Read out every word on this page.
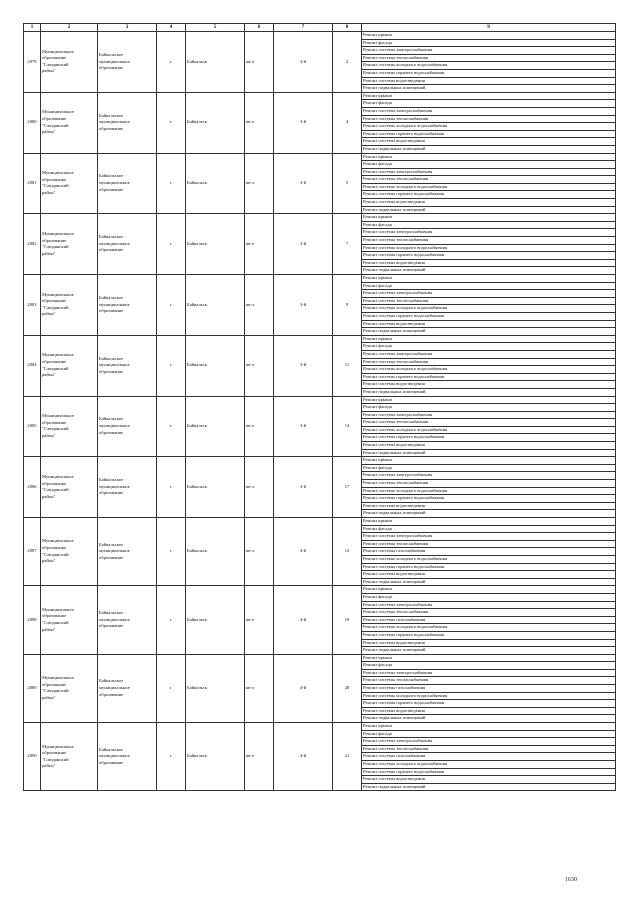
1	2	3	4	5	6	7	8	9
2079	Муниципальное
образование
"Слюдянский
район"	Байкальское
муниципальное
образование	г.	Байкальск	кв-л	3-й	2	Ремонт крыши
								Ремонт фасада
								Ремонт системы электроснабжения
								Ремонт системы теплоснабжения
								Ремонт системы холодного водоснабжения
								Ремонт системы горячего водоснабжения
								Ремонт системы водоотведения
								Ремонт подвальных помещений
2080	Муниципальное
образование
"Слюдянский
район"	Байкальское
муниципальное
образование	г.	Байкальск	кв-л	3-й	4	Ремонт крыши
								Ремонт фасада
								Ремонт системы электроснабжения
								Ремонт системы теплоснабжения
								Ремонт системы холодного водоснабжения
								Ремонт системы горячего водоснабжения
								Ремонт системы водоотведения
								Ремонт подвальных помещений
2081	Муниципальное
образование
"Слюдянский
район"	Байкальское
муниципальное
образование	г.	Байкальск	кв-л	3-й	5	Ремонт крыши
								Ремонт фасада
								Ремонт системы электроснабжения
								Ремонт системы теплоснабжения
								Ремонт системы холодного водоснабжения
								Ремонт системы горячего водоснабжения
								Ремонт системы водоотведения
								Ремонт подвальных помещений
2082	Муниципальное
образование
"Слюдянский
район"	Байкальское
муниципальное
образование	г.	Байкальск	кв-л	3-й	7	Ремонт крыши
								Ремонт фасада
								Ремонт системы электроснабжения
								Ремонт системы теплоснабжения
								Ремонт системы холодного водоснабжения
								Ремонт системы горячего водоснабжения
								Ремонт системы водоотведения
								Ремонт подвальных помещений
2083	Муниципальное
образование
"Слюдянский
район"	Байкальское
муниципальное
образование	г.	Байкальск	кв-л	3-й	9	Ремонт крыши
								Ремонт фасада
								Ремонт системы электроснабжения
								Ремонт системы теплоснабжения
								Ремонт системы холодного водоснабжения
								Ремонт системы горячего водоснабжения
								Ремонт системы водоотведения
								Ремонт подвальных помещений
2084	Муниципальное
образование
"Слюдянский
район"	Байкальское
муниципальное
образование	г.	Байкальск	кв-л	3-й	11	Ремонт крыши
								Ремонт фасада
								Ремонт системы электроснабжения
								Ремонт системы теплоснабжения
								Ремонт системы холодного водоснабжения
								Ремонт системы горячего водоснабжения
								Ремонт системы водоотведения
								Ремонт подвальных помещений
2085	Муниципальное
образование
"Слюдянский
район"	Байкальское
муниципальное
образование	г.	Байкальск	кв-л	3-й	14	Ремонт крыши
								Ремонт фасада
								Ремонт системы электроснабжения
								Ремонт системы теплоснабжения
								Ремонт системы холодного водоснабжения
								Ремонт системы горячего водоснабжения
								Ремонт системы водоотведения
								Ремонт подвальных помещений
2086	Муниципальное
образование
"Слюдянский
район"	Байкальское
муниципальное
образование	г.	Байкальск	кв-л	3-й	17	Ремонт крыши
								Ремонт фасада
								Ремонт системы электроснабжения
								Ремонт системы теплоснабжения
								Ремонт системы холодного водоснабжения
								Ремонт системы горячего водоснабжения
								Ремонт системы водоотведения
								Ремонт подвальных помещений
2087	Муниципальное
образование
"Слюдянский
район"	Байкальское
муниципальное
образование	г.	Байкальск	кв-л	4-й	12	Ремонт крыши
								Ремонт фасада
								Ремонт системы электроснабжения
								Ремонт системы теплоснабжения
								Ремонт системы газоснабжения
								Ремонт системы холодного водоснабжения
								Ремонт системы горячего водоснабжения
								Ремонт системы водоотведения
								Ремонт подвальных помещений
2088	Муниципальное
образование
"Слюдянский
район"	Байкальское
муниципальное
образование	г.	Байкальск	кв-л	4-й	19	Ремонт крыши
								Ремонт фасада
								Ремонт системы электроснабжения
								Ремонт системы теплоснабжения
								Ремонт системы газоснабжения
								Ремонт системы холодного водоснабжения
								Ремонт системы горячего водоснабжения
								Ремонт системы водоотведения
								Ремонт подвальных помещений
2089	Муниципальное
образование
"Слюдянский
район"	Байкальское
муниципальное
образование	г.	Байкальск	кв-л	4-й	20	Ремонт крыши
								Ремонт фасада
								Ремонт системы электроснабжения
								Ремонт системы теплоснабжения
								Ремонт системы газоснабжения
								Ремонт системы холодного водоснабжения
								Ремонт системы горячего водоснабжения
								Ремонт системы водоотведения
								Ремонт подвальных помещений
2090	Муниципальное
образование
"Слюдянский
район"	Байкальское
муниципальное
образование	г.	Байкальск	кв-л	4-й	21	Ремонт крыши
								Ремонт фасада
								Ремонт системы электроснабжения
								Ремонт системы теплоснабжения
								Ремонт системы газоснабжения
								Ремонт системы холодного водоснабжения
								Ремонт системы горячего водоснабжения
								Ремонт системы водоотведения
								Ремонт подвальных помещений
1630
